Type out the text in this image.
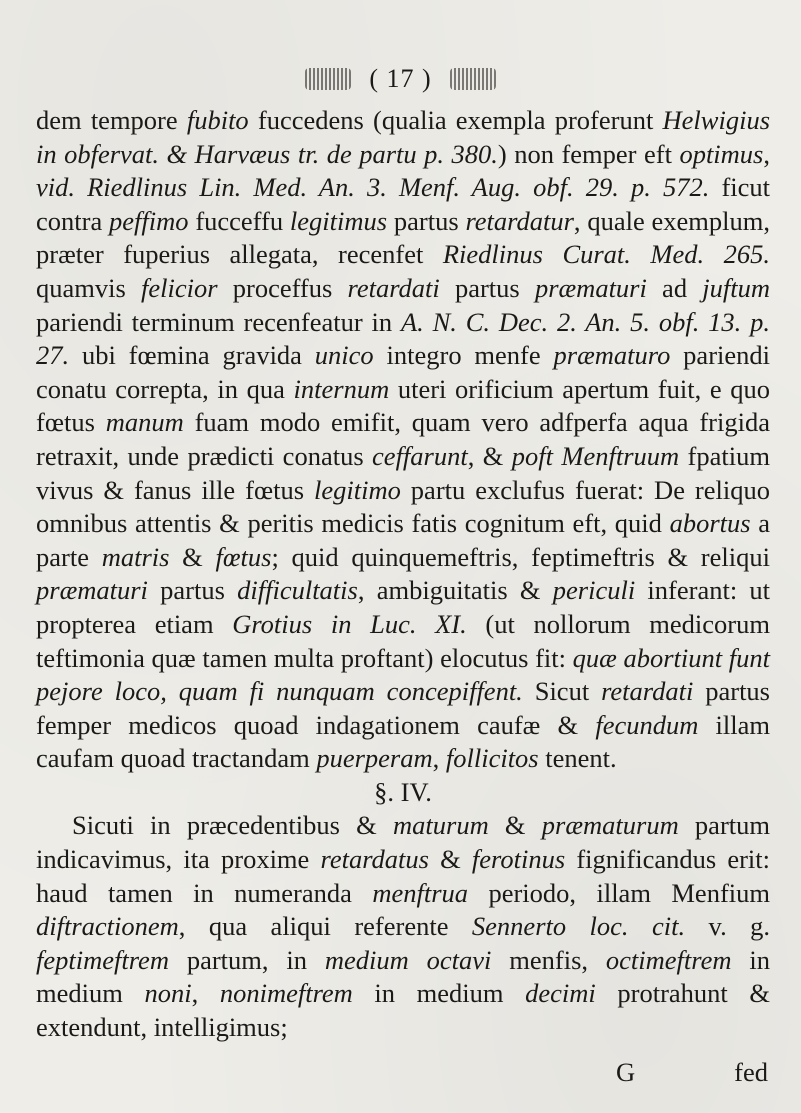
( 17 )

dem tempore fubito fuccedens (qualia exempla proferunt Helwigius in obfervat. & Harvæus tr. de partu p. 380.) non femper eft optimus, vid. Riedlinus Lin. Med. An. 3. Menf. Aug. obf. 29. p. 572. ficut contra peffimo fucceffu legitimus partus retardatur, quale exemplum, præter fuperius allegata, recenfet Riedlinus Curat. Med. 265. quamvis felicior proceffus retardati partus præmaturi ad juftum pariendi terminum recenfeatur in A. N. C. Dec. 2. An. 5. obf. 13. p. 27. ubi fœmina gravida unico integro menfe præmaturo pariendi conatu correpta, in qua internum uteri orificium apertum fuit, e quo fœtus manum fuam modo emifit, quam vero adfperfa aqua frigida retraxit, unde prædicti conatus ceffarunt, & poft Menftruum fpatium vivus & fanus ille fœtus legitimo partu exclufus fuerat: De reliquo omnibus attentis & peritis medicis fatis cognitum eft, quid abortus a parte matris & fœtus; quid quinquemeftris, feptimeftris & reliqui præmaturi partus difficultatis, ambiguitatis & periculi inferant: ut propterea etiam Grotius in Luc. XI. (ut nollorum medicorum teftimonia quæ tamen multa proftant) elocutus fit: quæ abortiunt funt pejore loco, quam fi nunquam concepiffent. Sicut retardati partus femper medicos quoad indagationem caufæ & fecundum illam caufam quoad tractandam puerperam, follicitos tenent.

§. IV.

Sicuti in præcedentibus & maturum & præmaturum partum indicavimus, ita proxime retardatus & ferotinus fignificandus erit: haud tamen in numeranda menftrua periodo, illam Menfium diftractionem, qua aliqui referente Sennerto loc. cit. v. g. feptimeftrem partum, in medium octavi menfis, octimeftrem in medium noni, nonimeftrem in medium decimi protrahunt & extendunt, intelligimus;

G	fed
